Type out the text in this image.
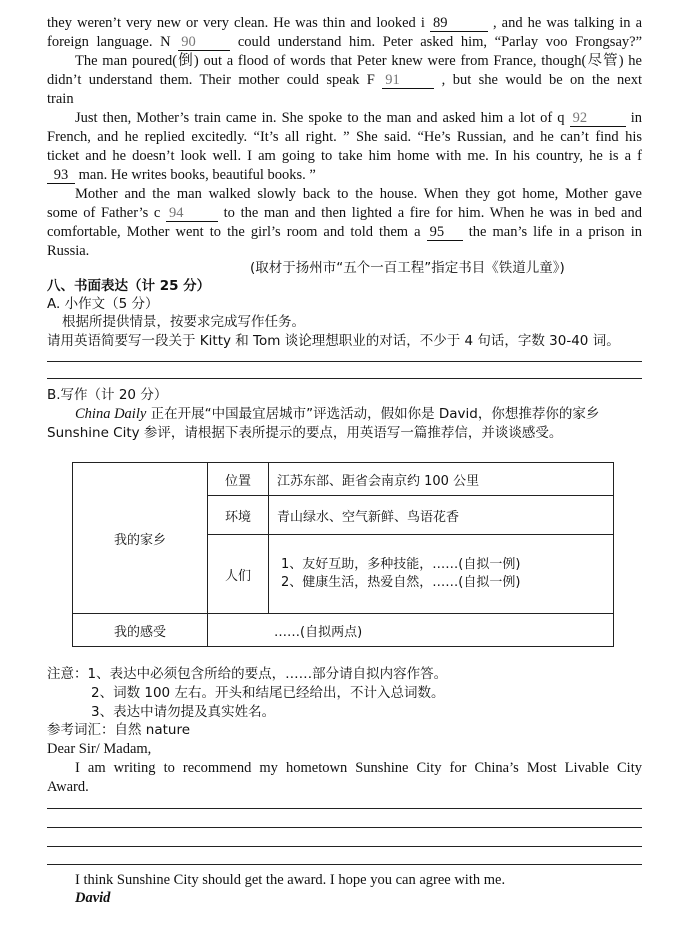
they weren’t very new or very clean. He was thin and looked i 89	, and he was talking in a
foreign language. N 90	could understand him. Peter asked him, “Parlay voo Frongsay?”
The man poured(倒) out a flood of words that Peter knew were from France, though(尽管) he
didn’t understand them. Their mother could speak F 91	, but she would be on the next
train
Just then, Mother’s train came in. She spoke to the man and asked him a lot of q 92	in
French, and he replied excitedly. “It’s all right. ” She said. “He’s Russian, and he can’t find his
ticket and he doesn’t look well. I am going to take him home with me. In his country, he is a f
93 man. He writes books, beautiful books. ”
Mother and the man walked slowly back to the house. When they got home, Mother gave
some of Father’s c 94	to the man and then lighted a fire for him. When he was in bed and
comfortable, Mother went to the girl’s room and told them a 95 the man’s life in a prison in
Russia.
(取材于扬州市“五个一百工程”指定书目《铁道儿童》)
八、书面表达（计 25 分）
A. 小作文（5 分）
根据所提供情景，按要求完成写作任务。
请用英语简要写一段关于 Kitty 和 Tom 谈论理想职业的对话，不少于 4 句话，字数 30-40 词。
B.写作（计 20 分）
China Daily 正在开展“中国最宜居城市”评选活动，假如你是 David，你想推荐你的家乡
Sunshine City 参评，请根据下表所提示的要点，用英语写一篇推荐信，并谈谈感受。
我的家乡	位置	江苏东部、距省会南京约 100 公里
	环境	青山绿水、空气新鲜、鸟语花香
	人们	1、友好互助，多种技能，……(自拟一例)
2、健康生活，热爱自然，……(自拟一例)

我的感受	……(自拟两点)	
注意：1、表达中必须包含所给的要点，……部分请自拟内容作答。
2、词数 100 左右。开头和结尾已经给出，不计入总词数。
3、表达中请勿提及真实姓名。
参考词汇：自然 nature
Dear Sir/ Madam,
I am writing to recommend my hometown Sunshine City for China’s Most Livable City
Award.
I think Sunshine City should get the award. I hope you can agree with me.
David
